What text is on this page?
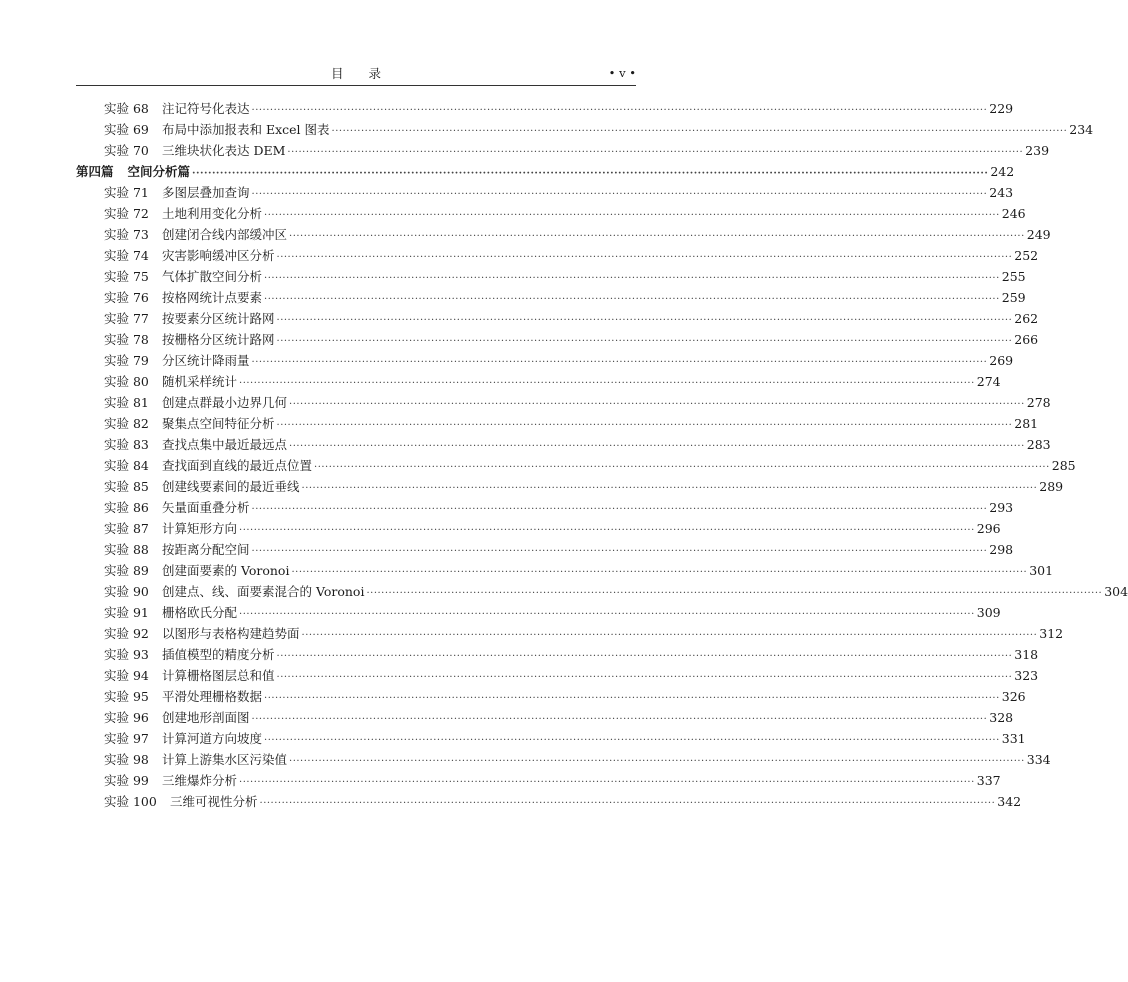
目　　录	• v •
实验 68	注记符号化表达 ········································································································································································································ 229
实验 69	布局中添加报表和 Excel 图表 ········································································································································································································ 234
实验 70	三维块状化表达 DEM ········································································································································································································ 239
第四篇 空间分析篇 ········································································································································································································ 242
实验 71	多图层叠加查询 ········································································································································································································ 243
实验 72	土地利用变化分析 ········································································································································································································ 246
实验 73	创建闭合线内部缓冲区 ········································································································································································································ 249
实验 74	灾害影响缓冲区分析 ········································································································································································································ 252
实验 75	气体扩散空间分析 ········································································································································································································ 255
实验 76	按格网统计点要素 ········································································································································································································ 259
实验 77	按要素分区统计路网 ········································································································································································································ 262
实验 78	按栅格分区统计路网 ········································································································································································································ 266
实验 79	分区统计降雨量 ········································································································································································································ 269
实验 80	随机采样统计 ········································································································································································································ 274
实验 81	创建点群最小边界几何 ········································································································································································································ 278
实验 82	聚集点空间特征分析 ········································································································································································································ 281
实验 83	查找点集中最近最远点 ········································································································································································································ 283
实验 84	查找面到直线的最近点位置 ········································································································································································································ 285
实验 85	创建线要素间的最近垂线 ········································································································································································································ 289
实验 86	矢量面重叠分析 ········································································································································································································ 293
实验 87	计算矩形方向 ········································································································································································································ 296
实验 88	按距离分配空间 ········································································································································································································ 298
实验 89	创建面要素的 Voronoi ········································································································································································································ 301
实验 90	创建点、线、面要素混合的 Voronoi ········································································································································································································ 304
实验 91	栅格欧氏分配 ········································································································································································································ 309
实验 92	以图形与表格构建趋势面 ········································································································································································································ 312
实验 93	插值模型的精度分析 ········································································································································································································ 318
实验 94	计算栅格图层总和值 ········································································································································································································ 323
实验 95	平滑处理栅格数据 ········································································································································································································ 326
实验 96	创建地形剖面图 ········································································································································································································ 328
实验 97	计算河道方向坡度 ········································································································································································································ 331
实验 98	计算上游集水区污染值 ········································································································································································································ 334
实验 99	三维爆炸分析 ········································································································································································································ 337
实验 100	三维可视性分析 ········································································································································································································ 342
